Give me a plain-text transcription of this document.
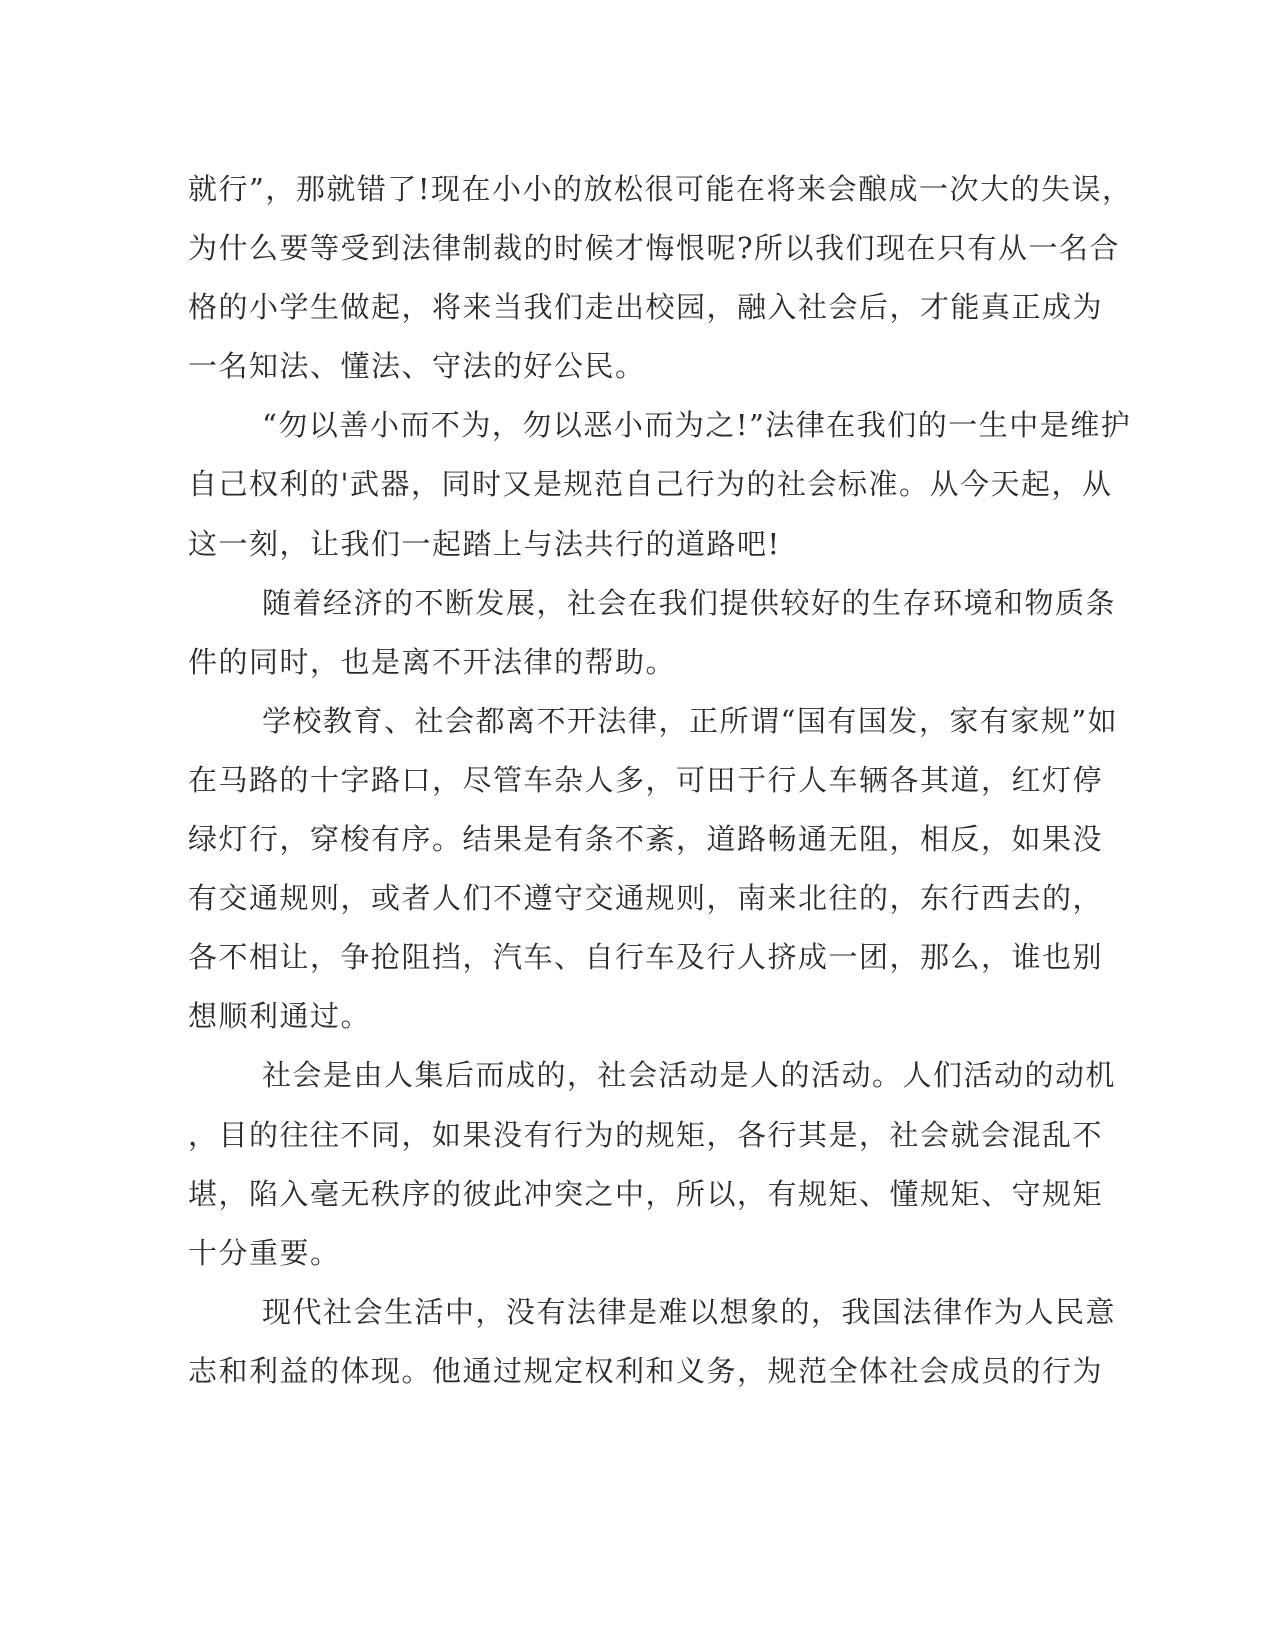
就行”，那就错了!现在小小的放松很可能在将来会酿成一次大的失误，
为什么要等受到法律制裁的时候才悔恨呢?所以我们现在只有从一名合
格的小学生做起，将来当我们走出校园，融入社会后，才能真正成为
一名知法、懂法、守法的好公民。
“勿以善小而不为，勿以恶小而为之!”法律在我们的一生中是维护
自己权利的'武器，同时又是规范自己行为的社会标准。从今天起，从
这一刻，让我们一起踏上与法共行的道路吧!
随着经济的不断发展，社会在我们提供较好的生存环境和物质条
件的同时，也是离不开法律的帮助。
学校教育、社会都离不开法律，正所谓“国有国发，家有家规”如
在马路的十字路口，尽管车杂人多，可田于行人车辆各其道，红灯停
绿灯行，穿梭有序。结果是有条不紊，道路畅通无阻，相反，如果没
有交通规则，或者人们不遵守交通规则，南来北往的，东行西去的，
各不相让，争抢阻挡，汽车、自行车及行人挤成一团，那么，谁也别
想顺利通过。
社会是由人集后而成的，社会活动是人的活动。人们活动的动机
，目的往往不同，如果没有行为的规矩，各行其是，社会就会混乱不
堪，陷入毫无秩序的彼此冲突之中，所以，有规矩、懂规矩、守规矩
十分重要。
现代社会生活中，没有法律是难以想象的，我国法律作为人民意
志和利益的体现。他通过规定权利和义务，规范全体社会成员的行为
